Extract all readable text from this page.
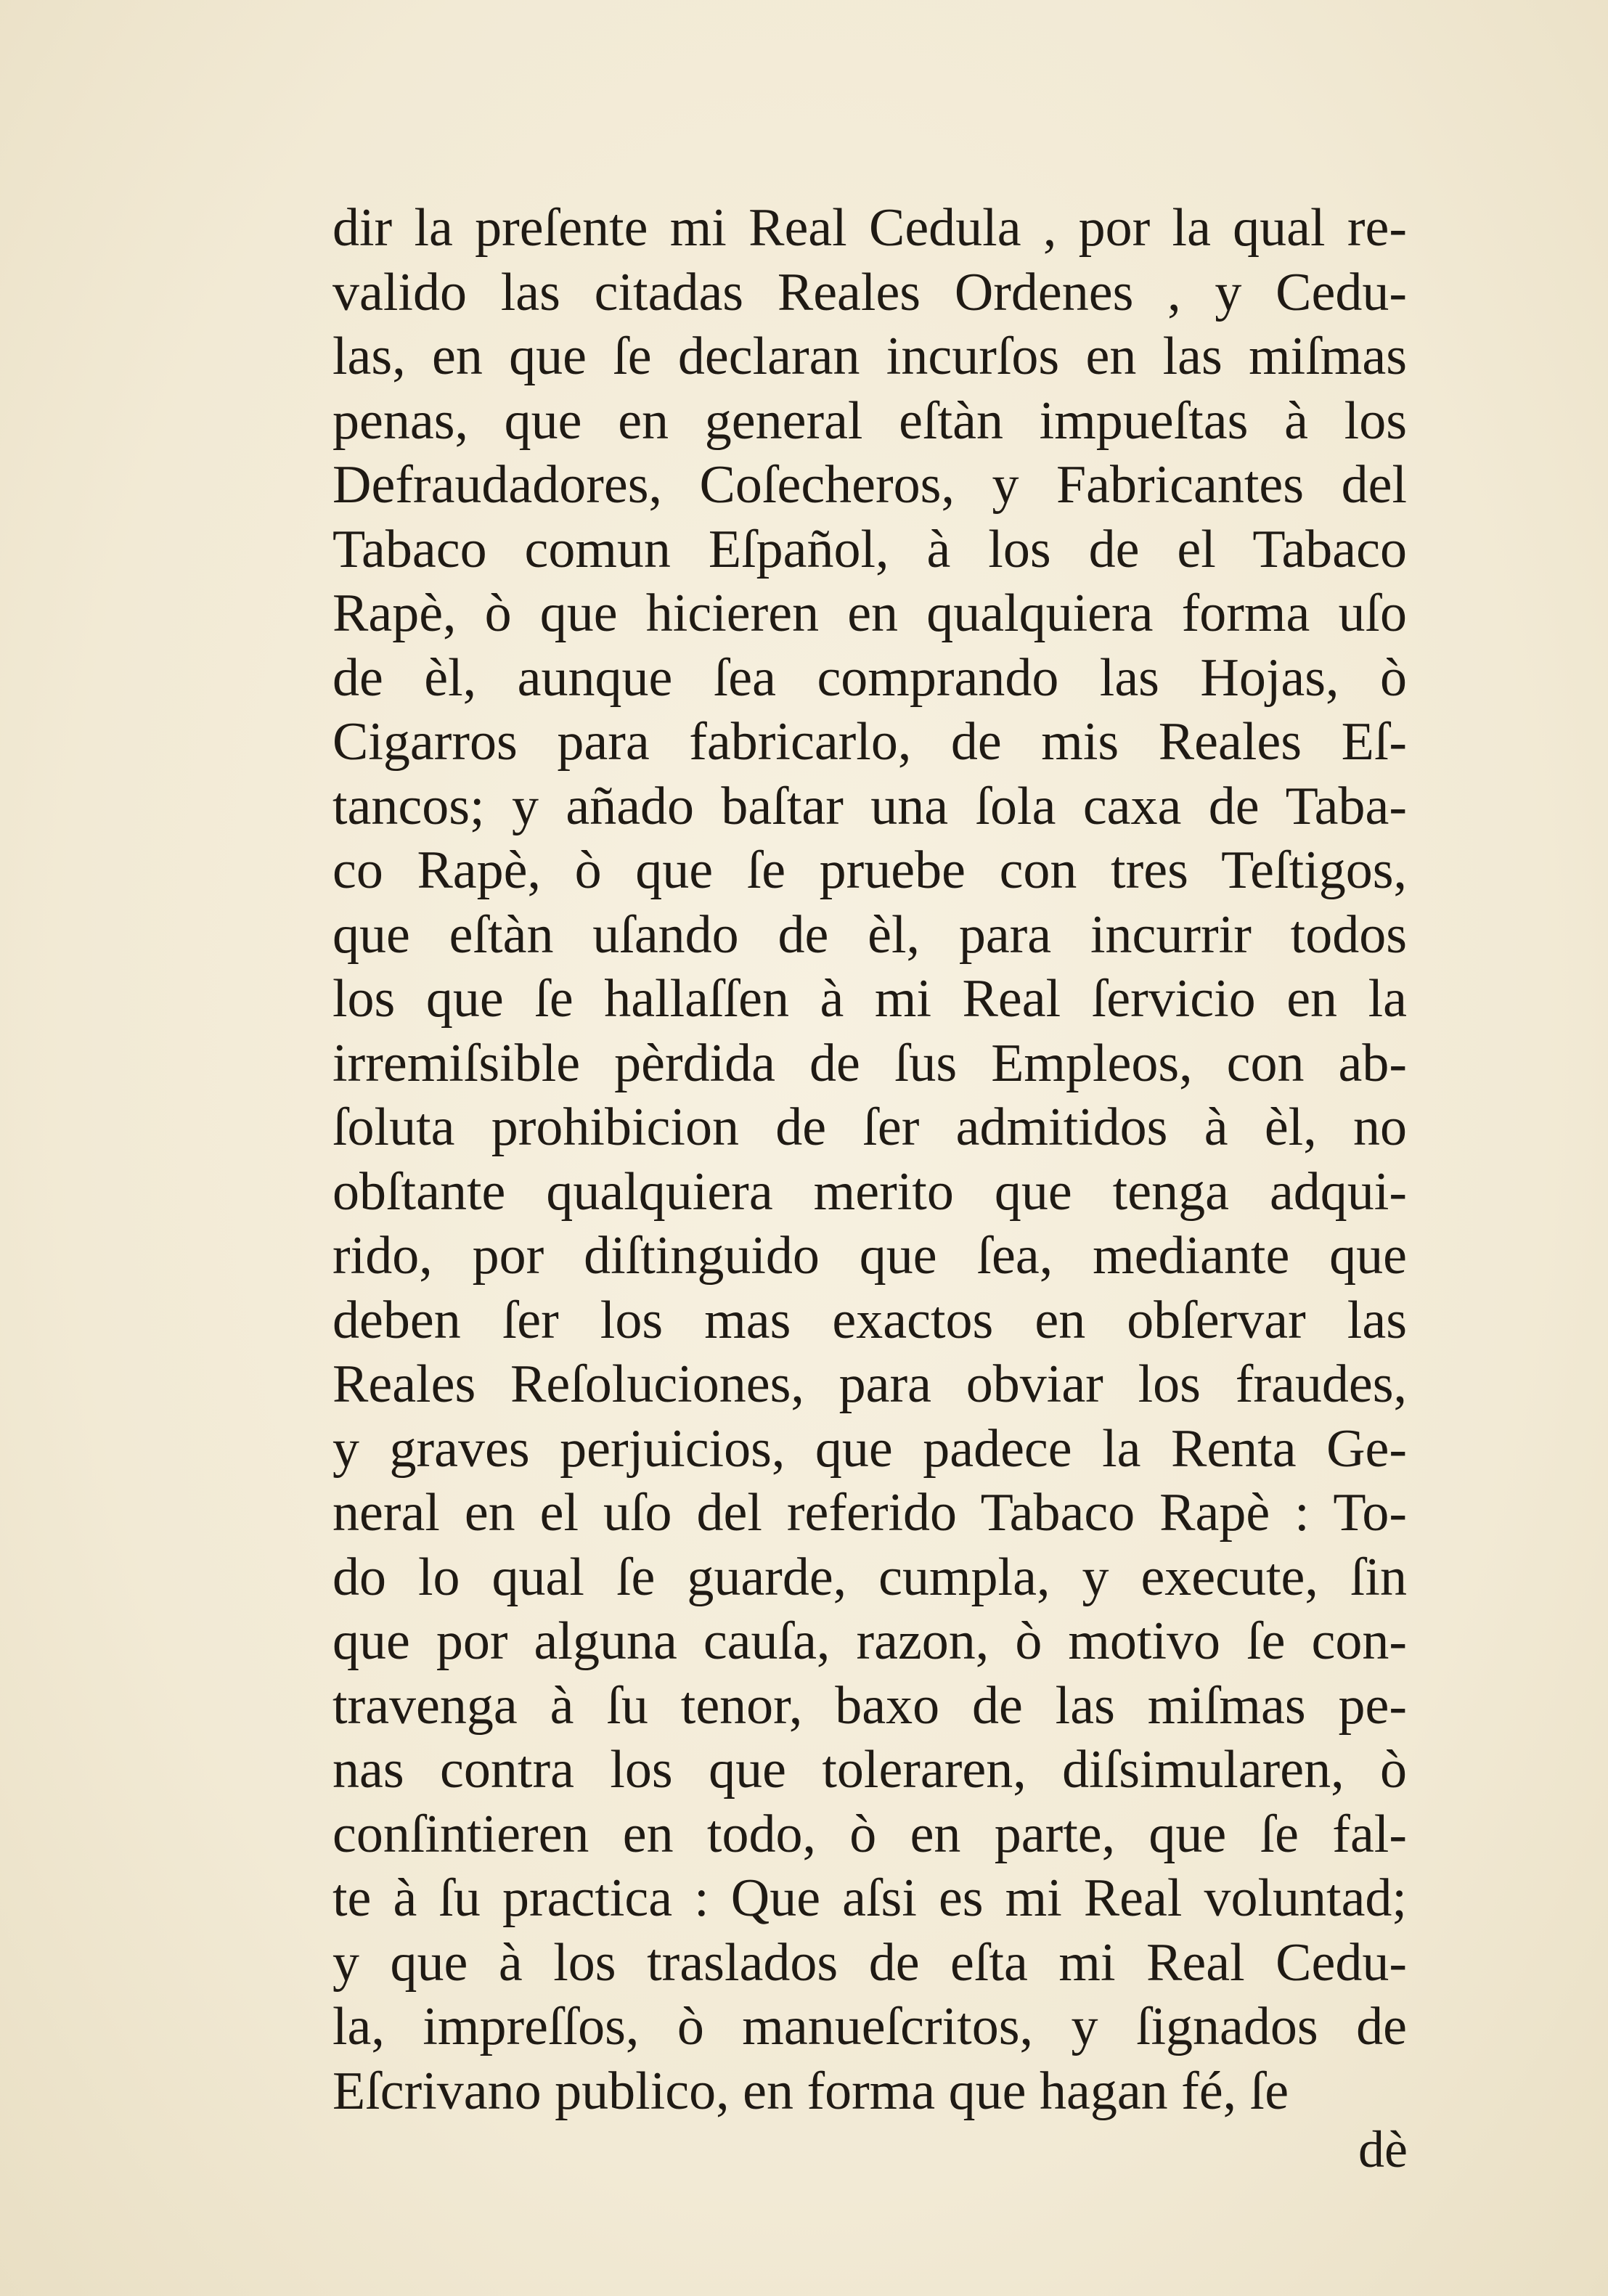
dir la preſente mi Real Cedula , por la qual re-
valido las citadas Reales Ordenes , y Cedu-
las, en que ſe declaran incurſos en las miſmas
penas, que en general eſtàn impueſtas à los
Defraudadores, Coſecheros, y Fabricantes del
Tabaco comun Eſpañol, à los de el Tabaco
Rapè, ò que hicieren en qualquiera forma uſo
de èl, aunque ſea comprando las Hojas, ò
Cigarros para fabricarlo, de mis Reales Eſ-
tancos; y añado baſtar una ſola caxa de Taba-
co Rapè, ò que ſe pruebe con tres Teſtigos,
que eſtàn uſando de èl, para incurrir todos
los que ſe hallaſſen à mi Real ſervicio en la
irremiſsible pèrdida de ſus Empleos, con ab-
ſoluta prohibicion de ſer admitidos à èl, no
obſtante qualquiera merito que tenga adqui-
rido, por diſtinguido que ſea, mediante que
deben ſer los mas exactos en obſervar las
Reales Reſoluciones, para obviar los fraudes,
y graves perjuicios, que padece la Renta Ge-
neral en el uſo del referido Tabaco Rapè : To-
do lo qual ſe guarde, cumpla, y execute, ſin
que por alguna cauſa, razon, ò motivo ſe con-
travenga à ſu tenor, baxo de las miſmas pe-
nas contra los que toleraren, diſsimularen, ò
conſintieren en todo, ò en parte, que ſe fal-
te à ſu practica : Que aſsi es mi Real voluntad;
y que à los traslados de eſta mi Real Cedu-
la, impreſſos, ò manueſcritos, y ſignados de
Eſcrivano publico, en forma que hagan fé, ſe
dè
